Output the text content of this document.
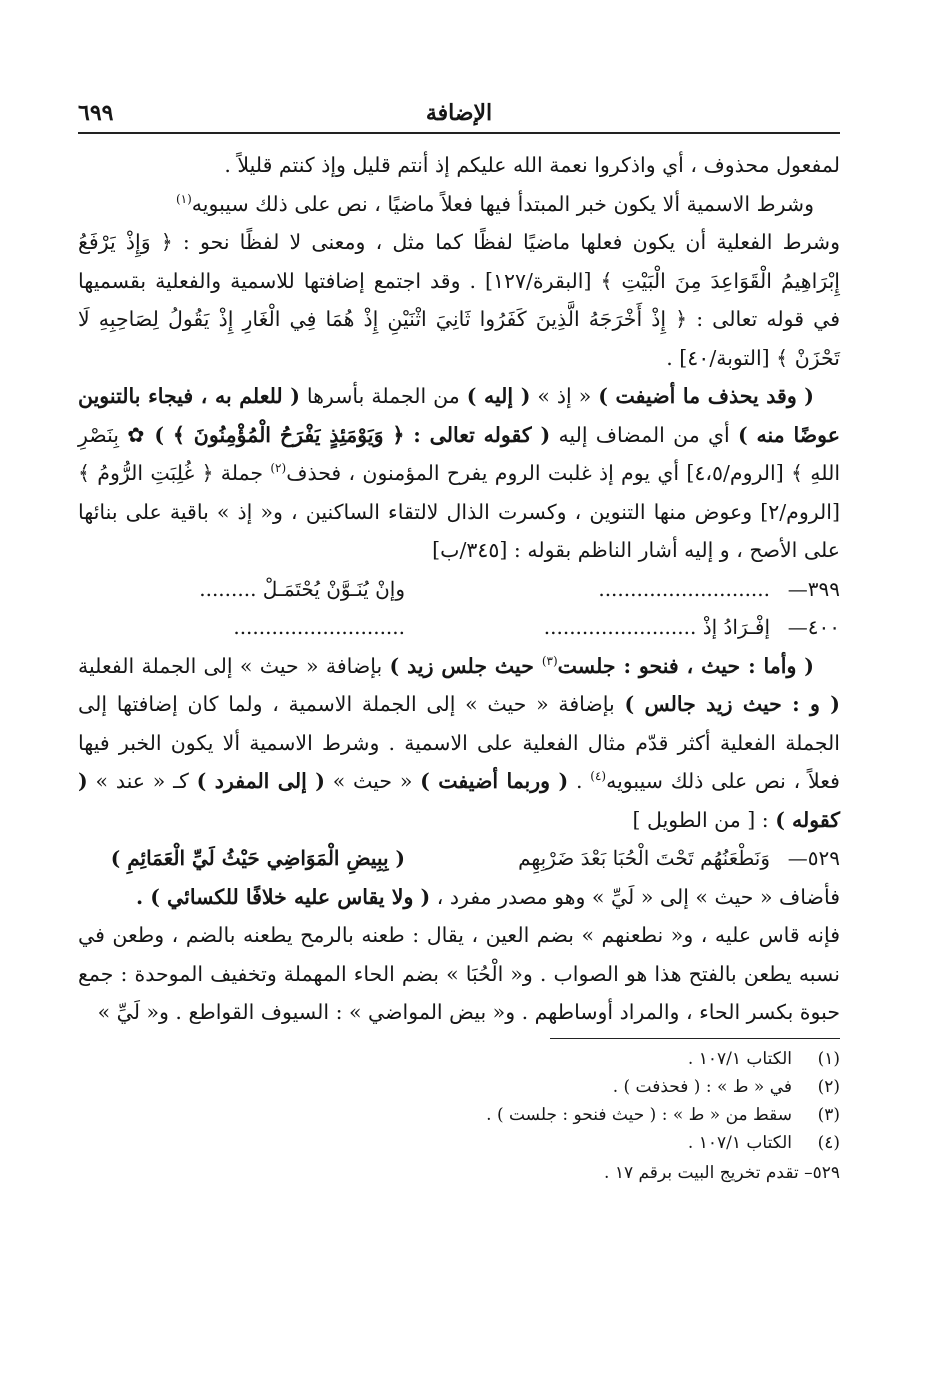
الإضافة
٦٩٩

لمفعول محذوف ، أي واذكروا نعمة الله عليكم إذ أنتم قليل وإذ كنتم قليلاً .

وشرط الاسمية ألا يكون خبر المبتدأ فيها فعلاً ماضيًا ، نص على ذلك سيبويه$^{(١)}$

وشرط الفعلية أن يكون فعلها ماضيًا لفظًا كما مثل ، ومعنى لا لفظًا نحو : ﴿ وَإِذْ يَرْفَعُ إِبْرَاهِيمُ الْقَوَاعِدَ مِنَ الْبَيْتِ ﴾ [البقرة/١٢٧] . وقد اجتمع إضافتها للاسمية والفعلية بقسميها في قوله تعالى : ﴿ إِذْ أَخْرَجَهُ الَّذِينَ كَفَرُوا ثَانِيَ اثْنَيْنِ إِذْ هُمَا فِي الْغَارِ إِذْ يَقُولُ لِصَاحِبِهِ لَا تَحْزَنْ ﴾ [التوبة/٤٠] .

( وقد يحذف ما أضيفت ) « إذ » ( إليه ) من الجملة بأسرها ( للعلم به ، فيجاء بالتنوين عوضًا منه ) أي من المضاف إليه ( كقوله تعالى : ﴿ وَيَوْمَئِذٍ يَفْرَحُ الْمُؤْمِنُونَ ﴾ ) ✿ بِنَصْرِ اللهِ ﴾ [الروم/٤،٥] أي يوم إذ غلبت الروم يفرح المؤمنون ، فحذف$^{(٢)}$ جملة ﴿ غُلِبَتِ الرُّومُ ﴾ [الروم/٢] وعوض منها التنوين ، وكسرت الذال لالتقاء الساكنين ، و« إذ » باقية على بنائها على الأصح ، و إليه أشار الناظم بقوله : [٣٤٥/ب]

٣٩٩—
...........................
وإنْ يُنَـوَّنْ يُحْتَمَـلْ .........
٤٠٠—
إفْـرَادُ إذْ ........................
...........................

( وأما : حيث ، فنحو : جلست$^{(٣)}$ حيث جلس زيد ) بإضافة « حيث » إلى الجملة الفعلية ( و : حيث زيد جالس ) بإضافة « حيث » إلى الجملة الاسمية ، ولما كان إضافتها إلى الجملة الفعلية أكثر قدّم مثال الفعلية على الاسمية . وشرط الاسمية ألا يكون الخبر فيها فعلاً ، نص على ذلك سيبويه$^{(٤)}$ . ( وربما أضيفت ) « حيث » ( إلى المفرد ) كـ « عند » ( كقوله ) : [ من الطويل ]

٥٢٩—
وَنَطْعَنُهُم تَحْتَ الْحُبَا بَعْدَ ضَرْبِهِم
( بِبِيضِ الْمَوَاضِي حَيْثُ لَيِّ الْعَمَائِمِ )

فأضاف « حيث » إلى « لَيِّ » وهو مصدر مفرد ، ( ولا يقاس عليه خلافًا للكسائي ) .

فإنه قاس عليه ، و« نطعنهم » بضم العين ، يقال : طعنه بالرمح يطعنه بالضم ، وطعن في نسبه يطعن بالفتح هذا هو الصواب . و« الْحُبَا » بضم الحاء المهملة وتخفيف الموحدة : جمع حبوة بكسر الحاء ، والمراد أوساطهم . و« بيض المواضي » : السيوف القواطع . و« لَيِّ »

(١)
الكتاب ١٠٧/١ .
(٢)
في « ط » : ( فحذفت ) .
(٣)
سقط من « ط » : ( حيث فنحو : جلست ) .
(٤)
الكتاب ١٠٧/١ .
٥٢٩– تقدم تخريج البيت برقم ١٧ .
